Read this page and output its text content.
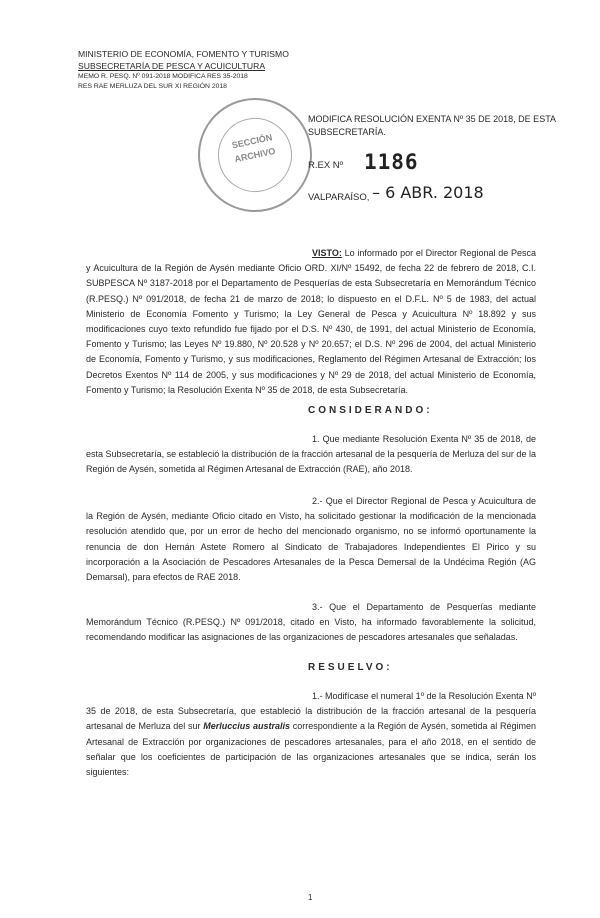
MINISTERIO DE ECONOMÍA, FOMENTO Y TURISMO
SUBSECRETARÍA DE PESCA Y ACUICULTURA
MEMO R. PESQ. Nº 091-2018 MODIFICA RES 35-2018
RES RAE MERLUZA DEL SUR XI REGIÓN 2018
SECCIÓN
ARCHIVO
MODIFICA RESOLUCIÓN EXENTA Nº 35 DE 2018, DE ESTA SUBSECRETARÍA.
R.EX Nº 1186
VALPARAÍSO, – 6 ABR. 2018
VISTO: Lo informado por el Director Regional de Pesca y Acuicultura de la Región de Aysén mediante Oficio ORD. XI/Nº 15492, de fecha 22 de febrero de 2018, C.I. SUBPESCA Nº 3187-2018 por el Departamento de Pesquerías de esta Subsecretaría en Memorándum Técnico (R.PESQ.) Nº 091/2018, de fecha 21 de marzo de 2018; lo dispuesto en el D.F.L. Nº 5 de 1983, del actual Ministerio de Economía Fomento y Turismo; la Ley General de Pesca y Acuicultura Nº 18.892 y sus modificaciones cuyo texto refundido fue fijado por el D.S. Nº 430, de 1991, del actual Ministerio de Economía, Fomento y Turismo; las Leyes Nº 19.880, Nº 20.528 y Nº 20.657; el D.S. Nº 296 de 2004, del actual Ministerio de Economía, Fomento y Turismo, y sus modificaciones, Reglamento del Régimen Artesanal de Extracción; los Decretos Exentos Nº 114 de 2005, y sus modificaciones y Nº 29 de 2018, del actual Ministerio de Economía, Fomento y Turismo; la Resolución Exenta Nº 35 de 2018, de esta Subsecretaría.
CONSIDERANDO:
1. Que mediante Resolución Exenta Nº 35 de 2018, de esta Subsecretaría, se estableció la distribución de la fracción artesanal de la pesquería de Merluza del sur de la Región de Aysén, sometida al Régimen Artesanal de Extracción (RAE), año 2018.
2.- Que el Director Regional de Pesca y Acuicultura de la Región de Aysén, mediante Oficio citado en Visto, ha solicitado gestionar la modificación de la mencionada resolución atendido que, por un error de hecho del mencionado organismo, no se informó oportunamente la renuncia de don Hernán Astete Romero al Sindicato de Trabajadores Independientes El Pirico y su incorporación a la Asociación de Pescadores Artesanales de la Pesca Demersal de la Undécima Región (AG Demarsal), para efectos de RAE 2018.
3.- Que el Departamento de Pesquerías mediante Memorándum Técnico (R.PESQ.) Nº 091/2018, citado en Visto, ha informado favorablemente la solicitud, recomendando modificar las asignaciones de las organizaciones de pescadores artesanales que señaladas.
RESUELVO:
1.- Modifícase el numeral 1º de la Resolución Exenta Nº 35 de 2018, de esta Subsecretaría, que estableció la distribución de la fracción artesanal de la pesquería artesanal de Merluza del sur Merluccius australis correspondiente a la Región de Aysén, sometida al Régimen Artesanal de Extracción por organizaciones de pescadores artesanales, para el año 2018, en el sentido de señalar que los coeficientes de participación de las organizaciones artesanales que se indica, serán los siguientes:
1
